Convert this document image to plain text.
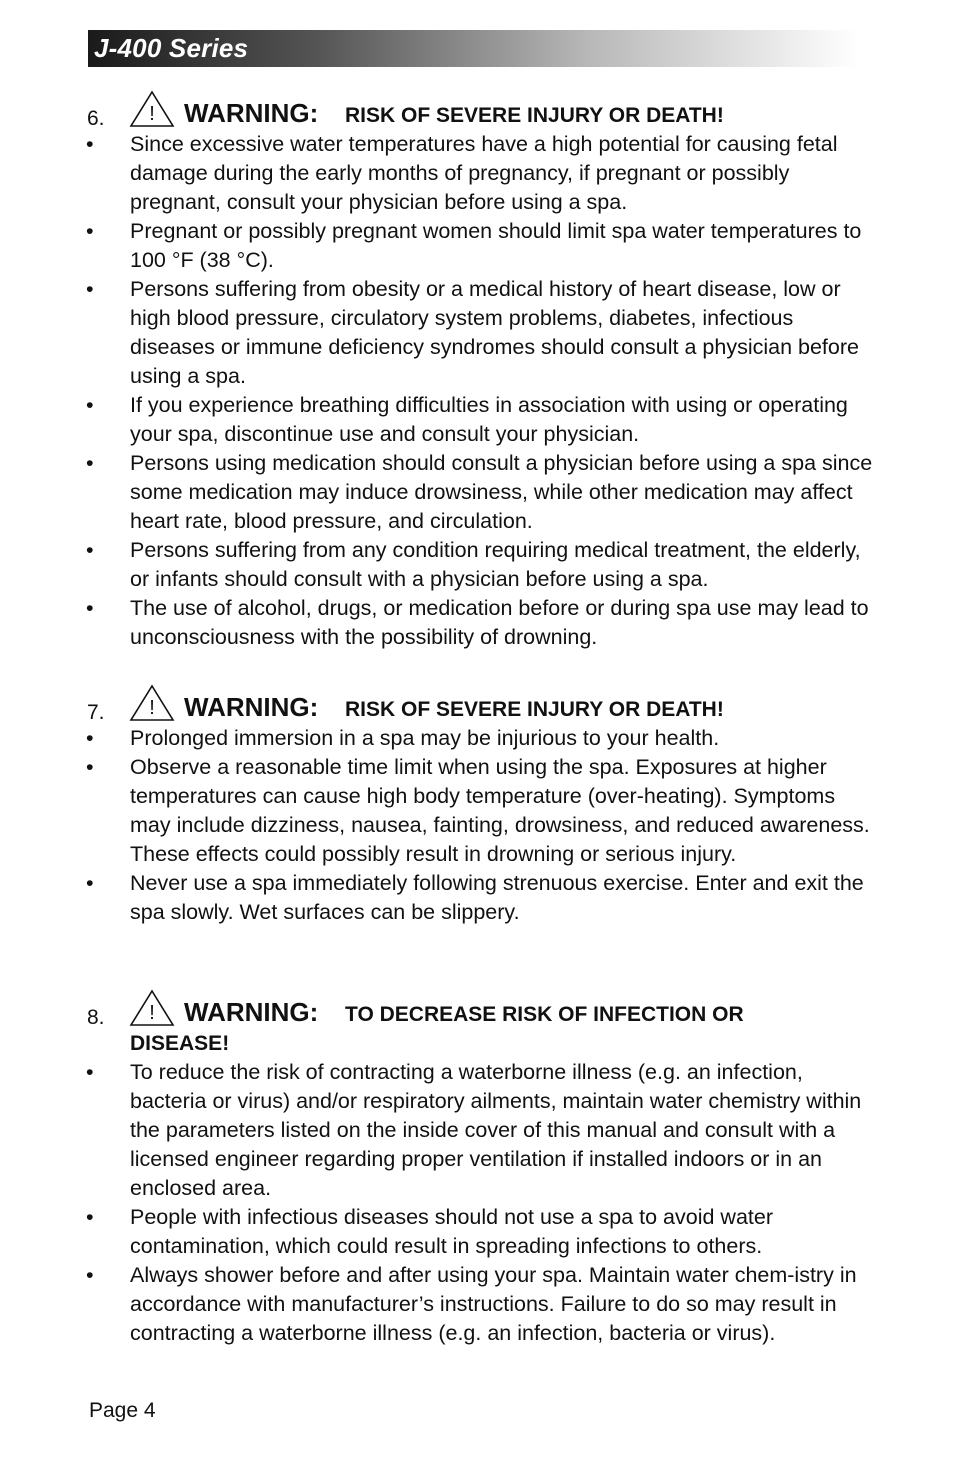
J-400 Series
6. ! WARNING: RISK OF SEVERE INJURY OR DEATH!
• Since excessive water temperatures have a high potential for causing fetal damage during the early months of pregnancy, if pregnant or possibly pregnant, consult your physician before using a spa.
• Pregnant or possibly pregnant women should limit spa water temperatures to 100 °F (38 °C).
• Persons suffering from obesity or a medical history of heart disease, low or high blood pressure, circulatory system problems, diabetes, infectious diseases or immune deficiency syndromes should consult a physician before using a spa.
• If you experience breathing difficulties in association with using or operating your spa, discontinue use and consult your physician.
• Persons using medication should consult a physician before using a spa since some medication may induce drowsiness, while other medication may affect heart rate, blood pressure, and circulation.
• Persons suffering from any condition requiring medical treatment, the elderly, or infants should consult with a physician before using a spa.
• The use of alcohol, drugs, or medication before or during spa use may lead to unconsciousness with the possibility of drowning.
7. ! WARNING: RISK OF SEVERE INJURY OR DEATH!
• Prolonged immersion in a spa may be injurious to your health.
• Observe a reasonable time limit when using the spa. Exposures at higher temperatures can cause high body temperature (over-heating). Symptoms may include dizziness, nausea, fainting, drowsiness, and reduced awareness. These effects could possibly result in drowning or serious injury.
• Never use a spa immediately following strenuous exercise. Enter and exit the spa slowly. Wet surfaces can be slippery.
8. ! WARNING: TO DECREASE RISK OF INFECTION OR
DISEASE!
• To reduce the risk of contracting a waterborne illness (e.g. an infection, bacteria or virus) and/or respiratory ailments, maintain water chemistry within the parameters listed on the inside cover of this manual and consult with a licensed engineer regarding proper ventilation if installed indoors or in an enclosed area.
• People with infectious diseases should not use a spa to avoid water contamination, which could result in spreading infections to others.
• Always shower before and after using your spa. Maintain water chem-istry in accordance with manufacturer’s instructions. Failure to do so may result in contracting a waterborne illness (e.g. an infection, bacteria or virus).
Page 4
